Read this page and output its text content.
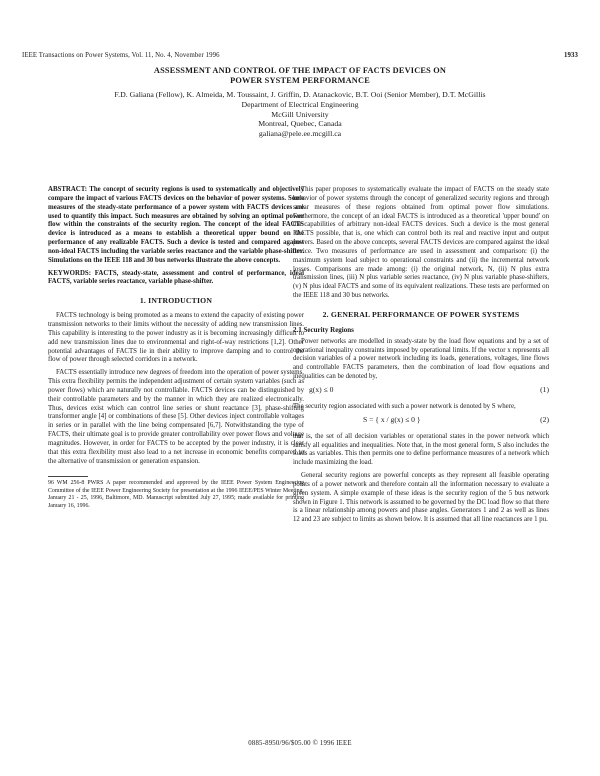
IEEE Transactions on Power Systems, Vol. 11, No. 4, November 1996	1933
ASSESSMENT AND CONTROL OF THE IMPACT OF FACTS DEVICES ON
POWER SYSTEM PERFORMANCE
F.D. Galiana (Fellow), K. Almeida, M. Toussaint, J. Griffin, D. Atanackovic, B.T. Ooi (Senior Member), D.T. McGillis
Department of Electrical Engineering
McGill University
Montreal, Quebec, Canada
galiana@pele.ee.mcgill.ca

ABSTRACT: The concept of security regions is used to systematically and objectively compare the impact of various FACTS devices on the behavior of power systems. Some measures of the steady-state performance of a power system with FACTS devices are used to quantify this impact. Such measures are obtained by solving an optimal power flow within the constraints of the security region. The concept of the ideal FACTS device is introduced as a means to establish a theoretical upper bound on the performance of any realizable FACTS. Such a device is tested and compared against non-ideal FACTS including the variable series reactance and the variable phase-shifter. Simulations on the IEEE 118 and 30 bus networks illustrate the above concepts.

KEYWORDS: FACTS, steady-state, assessment and control of performance, ideal FACTS, variable series reactance, variable phase-shifter.

1. INTRODUCTION

FACTS technology is being promoted as a means to extend the capacity of existing power transmission networks to their limits without the necessity of adding new transmission lines. This capability is interesting to the power industry as it is becoming increasingly difficult to add new transmission lines due to environmental and right-of-way restrictions [1,2]. Other potential advantages of FACTS lie in their ability to improve damping and to control the flow of power through selected corridors in a network.

FACTS essentially introduce new degrees of freedom into the operation of power systems. This extra flexibility permits the independent adjustment of certain system variables (such as power flows) which are naturally not controllable. FACTS devices can be distinguished by their controllable parameters and by the manner in which they are realized electronically. Thus, devices exist which can control line series or shunt reactance [3], phase-shifting transformer angle [4] or combinations of these [5]. Other devices inject controllable voltages in series or in parallel with the line being compensated [6,7]. Notwithstanding the type of FACTS, their ultimate goal is to provide greater controllability over power flows and voltage magnitudes. However, in order for FACTS to be accepted by the power industry, it is clear that this extra flexibility must also lead to a net increase in economic benefits compared to the alternative of transmission or generation expansion.

96 WM 256-8 PWRS A paper recommended and approved by the IEEE Power System Engineering Committee of the IEEE Power Engineering Society for presentation at the 1996 IEEE/PES Winter Meeting, January 21 - 25, 1996, Baltimore, MD. Manuscript submitted July 27, 1995; made available for printing January 16, 1996.

This paper proposes to systematically evaluate the impact of FACTS on the steady state behavior of power systems through the concept of generalized security regions and through scalar measures of these regions obtained from optimal power flow simulations. Furthermore, the concept of an ideal FACTS is introduced as a theoretical 'upper bound' on the capabilities of arbitrary non-ideal FACTS devices. Such a device is the most general FACTS possible, that is, one which can control both its real and reactive input and output powers. Based on the above concepts, several FACTS devices are compared against the ideal device. Two measures of performance are used in assessment and comparison: (i) the maximum system load subject to operational constraints and (ii) the incremental network losses. Comparisons are made among: (i) the original network, N, (ii) N plus extra transmission lines, (iii) N plus variable series reactance, (iv) N plus variable phase-shifters, (v) N plus ideal FACTS and some of its equivalent realizations. These tests are performed on the IEEE 118 and 30 bus networks.

2. GENERAL PERFORMANCE OF POWER SYSTEMS
2.1 Security Regions

Power networks are modelled in steady-state by the load flow equations and by a set of operational inequality constraints imposed by operational limits. If the vector x represents all decision variables of a power network including its loads, generations, voltages, line flows and controllable FACTS parameters, then the combination of load flow equations and inequalities can be denoted by,

g(x) ≤ 0	(1)

The security region associated with such a power network is denoted by S where,

S = { x / g(x) ≤ 0 }	(2)

that is, the set of all decision variables or operational states in the power network which satisfy all equalities and inequalities. Note that, in the most general form, S also includes the loads as variables. This then permits one to define performance measures of a network which include maximizing the load.

General security regions are powerful concepts as they represent all feasible operating points of a power network and therefore contain all the information necessary to evaluate a given system. A simple example of these ideas is the security region of the 5 bus network shown in Figure 1. This network is assumed to be governed by the DC load flow so that there is a linear relationship among powers and phase angles. Generators 1 and 2 as well as lines 12 and 23 are subject to limits as shown below. It is assumed that all line reactances are 1 pu.

0885-8950/96/$05.00 © 1996 IEEE
